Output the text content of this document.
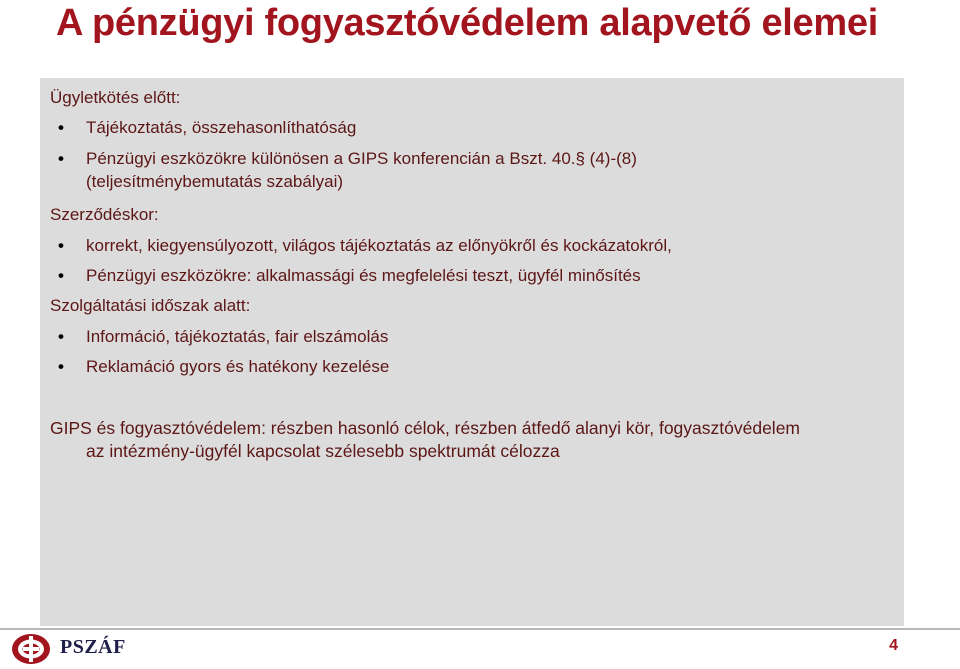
A pénzügyi fogyasztóvédelem alapvető elemei
Ügyletkötés előtt:
• Tájékoztatás, összehasonlíthatóság
• Pénzügyi eszközökre különösen a GIPS konferencián a Bszt. 40.§ (4)-(8) (teljesítménybemutatás szabályai)
Szerződéskor:
• korrekt, kiegyensúlyozott, világos tájékoztatás az előnyökről és kockázatokról,
• Pénzügyi eszközökre: alkalmassági és megfelelési teszt, ügyfél minősítés
Szolgáltatási időszak alatt:
• Információ, tájékoztatás, fair elszámolás
• Reklamáció gyors és hatékony kezelése
GIPS és fogyasztóvédelem: részben hasonló célok, részben átfedő alanyi kör, fogyasztóvédelem
az intézmény-ügyfél kapcsolat szélesebb spektrumát célozza
PSZÁF	4
